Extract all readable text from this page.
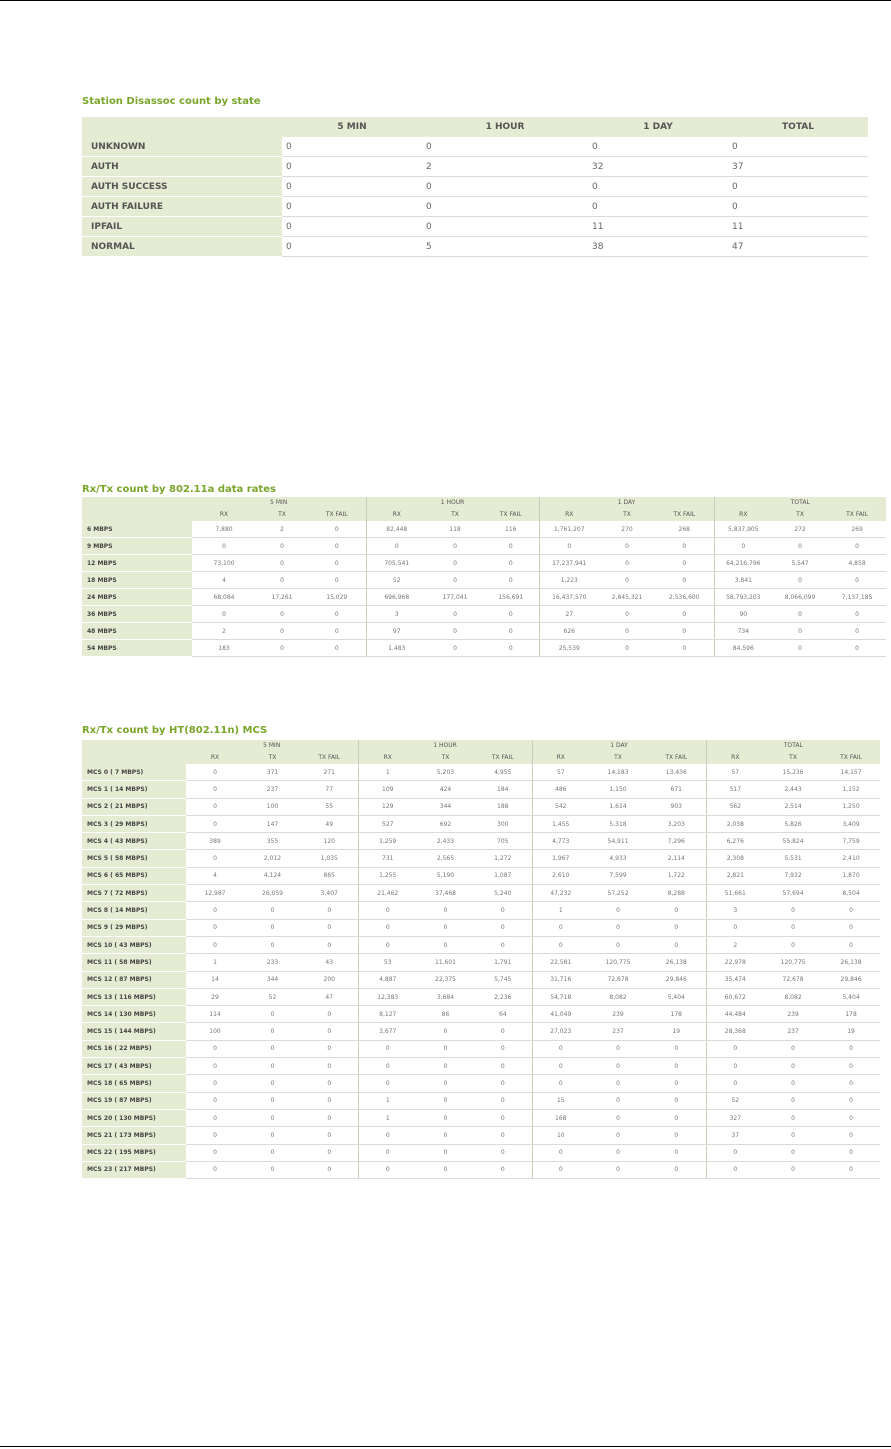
Station Disassoc count by state
	5 MIN	1 HOUR	1 DAY	TOTAL
UNKNOWN	0	0	0	0
AUTH	0	2	32	37
AUTH SUCCESS	0	0	0	0
AUTH FAILURE	0	0	0	0
IPFAIL	0	0	11	11
NORMAL	0	5	38	47
Rx/Tx count by 802.11a data rates
	5 MIN			1 HOUR			1 DAY			TOTAL		
	RX	TX	TX FAIL	RX	TX	TX FAIL	RX	TX	TX FAIL	RX	TX	TX FAIL
6 MBPS	7,880	2	0	82,448	118	116	1,761,207	270	268	5,837,905	272	269
9 MBPS	0	0	0	0	0	0	0	0	0	0	0	0
12 MBPS	73,100	0	0	705,541	0	0	17,237,941	0	0	64,216,796	5,547	4,858
18 MBPS	4	0	0	52	0	0	1,223	0	0	3,841	0	0
24 MBPS	68,084	17,261	15,029	696,968	177,041	156,691	16,437,570	2,845,321	2,536,600	58,793,203	8,066,099	7,137,185
36 MBPS	0	0	0	3	0	0	27	0	0	90	0	0
48 MBPS	2	0	0	97	0	0	626	0	0	734	0	0
54 MBPS	183	0	0	1,483	0	0	25,539	0	0	84,596	0	0
Rx/Tx count by HT(802.11n) MCS
	5 MIN			1 HOUR			1 DAY			TOTAL		
	RX	TX	TX FAIL	RX	TX	TX FAIL	RX	TX	TX FAIL	RX	TX	TX FAIL
MCS 0 ( 7 MBPS)	0	371	271	1	5,203	4,955	57	14,183	13,436	57	15,236	14,157
MCS 1 ( 14 MBPS)	0	237	77	109	424	184	486	1,150	671	517	2,443	1,152
MCS 2 ( 21 MBPS)	0	100	55	129	344	188	542	1,614	903	562	2,514	1,250
MCS 3 ( 29 MBPS)	0	147	49	527	692	300	1,455	5,318	3,203	2,038	5,826	3,409
MCS 4 ( 43 MBPS)	389	355	120	1,259	2,433	705	4,773	54,911	7,296	6,276	55,824	7,759
MCS 5 ( 58 MBPS)	0	2,012	1,035	731	2,565	1,272	1,967	4,933	2,114	2,308	5,531	2,410
MCS 6 ( 65 MBPS)	4	4,124	865	1,255	5,190	1,087	2,610	7,599	1,722	2,821	7,932	1,870
MCS 7 ( 72 MBPS)	12,987	26,059	3,407	21,462	37,468	5,240	47,232	57,252	8,288	51,661	57,694	8,504
MCS 8 ( 14 MBPS)	0	0	0	0	0	0	1	0	0	3	0	0
MCS 9 ( 29 MBPS)	0	0	0	0	0	0	0	0	0	0	0	0
MCS 10 ( 43 MBPS)	0	0	0	0	0	0	0	0	0	2	0	0
MCS 11 ( 58 MBPS)	1	233	43	53	11,601	1,791	22,581	120,775	26,138	22,978	120,775	26,138
MCS 12 ( 87 MBPS)	14	344	200	4,887	22,375	5,745	31,716	72,678	29,846	35,474	72,678	29,846
MCS 13 ( 116 MBPS)	29	52	47	12,383	3,684	2,236	54,718	8,082	5,404	60,672	8,082	5,404
MCS 14 ( 130 MBPS)	114	0	0	8,127	86	64	41,049	239	178	44,484	239	178
MCS 15 ( 144 MBPS)	100	0	0	3,677	0	0	27,023	237	19	28,368	237	19
MCS 16 ( 22 MBPS)	0	0	0	0	0	0	0	0	0	0	0	0
MCS 17 ( 43 MBPS)	0	0	0	0	0	0	0	0	0	0	0	0
MCS 18 ( 65 MBPS)	0	0	0	0	0	0	0	0	0	0	0	0
MCS 19 ( 87 MBPS)	0	0	0	1	0	0	15	0	0	52	0	0
MCS 20 ( 130 MBPS)	0	0	0	1	0	0	168	0	0	327	0	0
MCS 21 ( 173 MBPS)	0	0	0	0	0	0	10	0	0	37	0	0
MCS 22 ( 195 MBPS)	0	0	0	0	0	0	0	0	0	0	0	0
MCS 23 ( 217 MBPS)	0	0	0	0	0	0	0	0	0	0	0	0
